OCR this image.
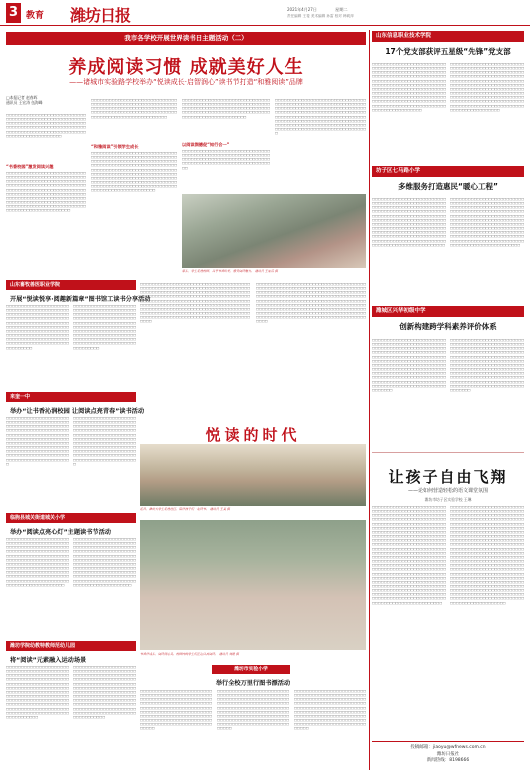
3 教育 潍坊日报	2021年4月27日	星期二
责任编辑 王斐 美术编辑 孙雷 校对 韩莉萍
我市各学校开展世界读书日主题活动（二）
养成阅读习惯 成就美好人生
——诸城市实验路学校举办“悦读成长·启智润心”读书节打造“和雅阅读”品牌
□本报记者 赵春晖
通讯员 王宏涛 伍海峰
□□□□□□□□□□□□□□□□□□□□□□□□□□□□□□□□□□□□□□□□□□□□□□□□□□□□□□□□□□□□□□□□□□□□□□□□□□□□□□□□□□□□□□□□□□□□□□□□□□□□□□□□□□□□□□□□□□□□□□□□□□□□□□□□□□□□□□□□□□□□□□□□□□□□□□□□□□
“书香校园”激发阅读兴趣
□□□□□□□□□□□□□□□□□□□□□□□□□□□□□□□□□□□□□□□□□□□□□□□□□□□□□□□□□□□□□□□□□□□□□□□□□□□□□□□□□□□□□□□□□□□□□□□□□□□□□□□□□□□□□□□□□□□□□□□□□□□□□□□□□□□□□□□□□□□□□□□□□□□□□□□□□□□□□□□□□□□□□□□□□□□□□□□□□□□□□□□□□□□□□□□□□□□□□□□□□□□□□□□□□□□□□□□□□□□□□□□□□□□□□□□□□□□□□□□□□□□□□□□□□□□□□□□□□□□□□□□□□
□□□□□□□□□□□□□□□□□□□□□□□□□□□□□□□□□□□□□□□□□□□□□□□□□□□□□□□□□□□□□□□□□□□□□□□□□□□□□□□□□□□□□□□□□□□□□□□□□□□□□□□□□□□□□□□□□□□□□□□□□□□□□□□□□□□□□□□□□□□□□□
“和雅阅读”引领学生成长
□□□□□□□□□□□□□□□□□□□□□□□□□□□□□□□□□□□□□□□□□□□□□□□□□□□□□□□□□□□□□□□□□□□□□□□□□□□□□□□□□□□□□□□□□□□□□□□□□□□□□□□□□□□□□□□□□□□□□□□□□□□□□□□□□□□□□□□□□□□□□□□□□□□□□□□□□□□□□□□□□□□□□□□□□□□□□□□□□□□□□□□□□□□□□□□□□□□□□□□□□□□□□□□□□□□□□□□□□□□□□□□□□□□□□□□□□□□□□□□□□□□□□□□□□□□□□□□□□□□□□□□□□□□□□□□□□□□□□□□□□□□
□□□□□□□□□□□□□□□□□□□□□□□□□□□□□□□□□□□□□□□□□□□□□□□□□□□□□□□□□□□□□□□□□□□□□□□□□□□□□□□□□□□□□□□□□□□□□□□□□□□□□□□□□□□□□□□□□□□□□□□□□□□□□□□□□□□□□□□□□□□□□□
以阅读润德促“知行合一”
□□□□□□□□□□□□□□□□□□□□□□□□□□□□□□□□□□□□□□□□□□□□□□□□□□□□□□□□□□□□□□□□□□□□□□□□□□□□□□□□□□□□□□□□□□□□□□□□□□□□□□□□□□□□□□□□□□□□□□□□□□
□□□□□□□□□□□□□□□□□□□□□□□□□□□□□□□□□□□□□□□□□□□□□□□□□□□□□□□□□□□□□□□□□□□□□□□□□□□□□□□□□□□□□□□□□□□□□□□□□□□□□□□□□□□□□□□□□□□□□□□□□□□□□□□□□□□□□□□□□□□□□□□□□□□□□□□□□□□□□□□□□□□□□□□□□□□□□□□□□□□□□□□□□□□□□□□□□□□□□□□□□□□□□□□□□□□□□□□□□□□□□□□□□□□□□□□□□□□□□□□□□□□□□□□□□
家长、学生走进校园，共享书香时光，感受阅读魅力。 通讯员 王宏涛 摄
山东畜牧兽医职业学院
开展“悦读悦享·阅趣新篇章”图书馆工读书分享活动
□□□□□□□□□□□□□□□□□□□□□□□□□□□□□□□□□□□□□□□□□□□□□□□□□□□□□□□□□□□□□□□□□□□□□□□□□□□□□□□□□□□□□□□□□□□□□□□□□□□□□□□□□□□□□□□□□□□□□□□□□□□□□□□□□□□□□□□□□□□□□□□□□□□□□□□□□□□□□□□□□□□□□□□□□□□□□□□□□□□□□□□□□□□□□□□□□□□□□□□□□□□□□□□□□□□□□□□□□□□
□□□□□□□□□□□□□□□□□□□□□□□□□□□□□□□□□□□□□□□□□□□□□□□□□□□□□□□□□□□□□□□□□□□□□□□□□□□□□□□□□□□□□□□□□□□□□□□□□□□□□□□□□□□□□□□□□□□□□□□□□□□□□□□□□□□□□□□□□□□□□□□□□□□□□□□□□□□□□□□□□□□□□□□□□□□□□□□□□□□□□□□□□□□□□□□□□□□□□□□□□□□□□□□□□□□□□□□□□□□
来奎一中
举办“让书香沁润校园 让阅读点亮青春”读书活动
□□□□□□□□□□□□□□□□□□□□□□□□□□□□□□□□□□□□□□□□□□□□□□□□□□□□□□□□□□□□□□□□□□□□□□□□□□□□□□□□□□□□□□□□□□□□□□□□□□□□□□□□□□□□□□□□□□□□□□□□□□□□□□□□□□□□□□□□□□□□□□□□□□□□□□□□□□□□□□□□□□□□□□□□□□□□□□□□□□□□□□□□□□□□□□□□□□□□□□□□□□□□□□□□□□□□□□□□□□□□□□□□□□□□□□□□
□□□□□□□□□□□□□□□□□□□□□□□□□□□□□□□□□□□□□□□□□□□□□□□□□□□□□□□□□□□□□□□□□□□□□□□□□□□□□□□□□□□□□□□□□□□□□□□□□□□□□□□□□□□□□□□□□□□□□□□□□□□□□□□□□□□□□□□□□□□□□□□□□□□□□□□□□□□□□□□□□□□□□□□□□□□□□□□□□□□□□□□□□□□□□□□□□□□□□□□□□□□□□□□□□□□□□□□□□□□□□□□□□□□□□□□□
临朐县城关街道城关小学
举办“阅读点亮心灯”主题读书节活动
□□□□□□□□□□□□□□□□□□□□□□□□□□□□□□□□□□□□□□□□□□□□□□□□□□□□□□□□□□□□□□□□□□□□□□□□□□□□□□□□□□□□□□□□□□□□□□□□□□□□□□□□□□□□□□□□□□□□□□□□□□□□□□□□□□□□□□□□□□□□□□□□□□□□□□□□□□□□□□□□□□□□□□□□□□□□□□□□□□□□□□□□□□□□□□□□□□□□□□□□□□□□□□□□□□□□□□□□□□□□□□□□□□□□□□□□□□□□□□□□□□□□□□□□□□□
□□□□□□□□□□□□□□□□□□□□□□□□□□□□□□□□□□□□□□□□□□□□□□□□□□□□□□□□□□□□□□□□□□□□□□□□□□□□□□□□□□□□□□□□□□□□□□□□□□□□□□□□□□□□□□□□□□□□□□□□□□□□□□□□□□□□□□□□□□□□□□□□□□□□□□□□□□□□□□□□□□□□□□□□□□□□□□□□□□□□□□□□□□□□□□□□□□□□□□□□□□□□□□□□□□□□□□□□□□□□□□□□□□□□□□□□□□□□□□□□□□□□□□□□□□□
潍坊学院幼教特教师范幼儿园
将“阅读”元素融入运动场景
□□□□□□□□□□□□□□□□□□□□□□□□□□□□□□□□□□□□□□□□□□□□□□□□□□□□□□□□□□□□□□□□□□□□□□□□□□□□□□□□□□□□□□□□□□□□□□□□□□□□□□□□□□□□□□□□□□□□□□□□□□□□□□□□□□□□□□□□□□□□□□□□□□□□□□□□□□□□□□□□□□□□□□□□□□□□□□□□□□□□□□□□□□□□□□□□□□□□□□□□□□□□□□□□□□□□□□□□□□□□□□□□□□□□□□□□□□□□□□□□□□□□□□□□□□□□□□□□□□□□□□□
□□□□□□□□□□□□□□□□□□□□□□□□□□□□□□□□□□□□□□□□□□□□□□□□□□□□□□□□□□□□□□□□□□□□□□□□□□□□□□□□□□□□□□□□□□□□□□□□□□□□□□□□□□□□□□□□□□□□□□□□□□□□□□□□□□□□□□□□□□□□□□□□□□□□□□□□□□□□□□□□□□□□□□□□□□□□□□□□□□□□□□□□□□□□□□□□□□□□□□□□□□□□□□□□□□□□□□□□□□□□□□□□□□□□□□□□□□□□□□□□□□□□□□□□□□□□□□□□□□□□□□□
□□□□□□□□□□□□□□□□□□□□□□□□□□□□□□□□□□□□□□□□□□□□□□□□□□□□□□□□□□□□□□□□□□□□□□□□□□□□□□□□□□□□□□□□□□□□□□□□□□□□□□□□□□□□□□□□□□□□□□□□□□□□□□□□□□□□□□□□□□□□□□□□□□□□□□□□□□□□□□□□□□□□□□□□□□□□□□□□□□□□□□□□□□□□□□□□□□□□□□□□□□□□□□□□□□□□□□□□□□□□□□□□□□□□□□□□□□□□□□□□□□□□□□□□□□□□□□□□□□□□□□□□□□□□□□□□□□□□□□□□□□□□□□□□□□□□□□□□□□□□□□□□□□□□□□□□□□□□□□□□□□□□□□□□□□□□□□□□□
□□□□□□□□□□□□□□□□□□□□□□□□□□□□□□□□□□□□□□□□□□□□□□□□□□□□□□□□□□□□□□□□□□□□□□□□□□□□□□□□□□□□□□□□□□□□□□□□□□□□□□□□□□□□□□□□□□□□□□□□□□□□□□□□□□□□□□□□□□□□□□□□□□□□□□□□□□□□□□□□□□□□□□□□□□□□□□□□□□□□□□□□□□□□□□□□□□□□□□□□□□□□□□□□□□□□□□□□□□□□□□□□□□□□□□□□□□□□□□□□□□□□□□□□□□□□□□□□□□□□□□□□□□□□□□□□□□□□□□□□□□□□□□□□□□□□□□□□□□□□□□□□□□□□□□□□□□□□□□□□□□□□□□□□□□□□□□□□□
悦读的时代
近日，潍坊大学生走进社区，陪伴孩子们一起读书。 通讯员 王斐 摄
书香伴成长，阅读润心灵。校园内的学生们正在认真阅读。 通讯员 刘艳 摄
潍坊市实验小学
举行全校万里行图书漂活动
□□□□□□□□□□□□□□□□□□□□□□□□□□□□□□□□□□□□□□□□□□□□□□□□□□□□□□□□□□□□□□□□□□□□□□□□□□□□□□□□□□□□□□□□□□□□□□□□□□□□□□□□□□□□□□□□□□□□□□□□□□□□□□□□□□□□□□□□□□□□□□□□□□□□□□□□□□□□□□□□□□□□□□□□□□□□□□□□□□□□□□□□□□□□□□□□□□□□□□□□□□□□□□□□□□□□□□□□□□□□□
□□□□□□□□□□□□□□□□□□□□□□□□□□□□□□□□□□□□□□□□□□□□□□□□□□□□□□□□□□□□□□□□□□□□□□□□□□□□□□□□□□□□□□□□□□□□□□□□□□□□□□□□□□□□□□□□□□□□□□□□□□□□□□□□□□□□□□□□□□□□□□□□□□□□□□□□□□□□□□□□□□□□□□□□□□□□□□□□□□□□□□□□□□□□□□□□□□□□□□□□□□□□□□□□□□□□□□□□□□□□□
□□□□□□□□□□□□□□□□□□□□□□□□□□□□□□□□□□□□□□□□□□□□□□□□□□□□□□□□□□□□□□□□□□□□□□□□□□□□□□□□□□□□□□□□□□□□□□□□□□□□□□□□□□□□□□□□□□□□□□□□□□□□□□□□□□□□□□□□□□□□□□□□□□□□□□□□□□□□□□□□□□□□□□□□□□□□□□□□□□□□□□□□□□□□□□□□□□□□□□□□□□□□□□□□□□□□□□□□□□□□□
山东信息职业技术学院
17个党支部获评五星级“先锋”党支部
□□□□□□□□□□□□□□□□□□□□□□□□□□□□□□□□□□□□□□□□□□□□□□□□□□□□□□□□□□□□□□□□□□□□□□□□□□□□□□□□□□□□□□□□□□□□□□□□□□□□□□□□□□□□□□□□□□□□□□□□□□□□□□□□□□□□□□□□□□□□□□□□□□□□□□□□□□□□□□□□□□□□□□□□□□□□□□□□□□□□□□□□□□□□□□□□□□□□□□□□□□□□□□□□□□□□□□□□□□□□□□□□□□□□□□□□□□□□□□□□□□□□□□□□□□□□□□□□□□□□□□□□□□□□□□□□□□□□□□□□□□□□□□□□□□□□
□□□□□□□□□□□□□□□□□□□□□□□□□□□□□□□□□□□□□□□□□□□□□□□□□□□□□□□□□□□□□□□□□□□□□□□□□□□□□□□□□□□□□□□□□□□□□□□□□□□□□□□□□□□□□□□□□□□□□□□□□□□□□□□□□□□□□□□□□□□□□□□□□□□□□□□□□□□□□□□□□□□□□□□□□□□□□□□□□□□□□□□□□□□□□□□□□□□□□□□□□□□□□□□□□□□□□□□□□□□□□□□□□□□□□□□□□□□□□□□□□□□□□□□□□□□□□□□□□□□□□□□□□□□□□□□□□□□□□□□□□□□□□□□□□□□□
坊子区七马路小学
多维服务打造惠民“暖心工程”
□□□□□□□□□□□□□□□□□□□□□□□□□□□□□□□□□□□□□□□□□□□□□□□□□□□□□□□□□□□□□□□□□□□□□□□□□□□□□□□□□□□□□□□□□□□□□□□□□□□□□□□□□□□□□□□□□□□□□□□□□□□□□□□□□□□□□□□□□□□□□□□□□□□□□□□□□□□□□□□□□□□□□□□□□□□□□□□□□□□□□□□□□□□□□□□□□□□□□□□□□□□□□□□□□□□□□□□□□□□□□□□□□□□□□□□□□□□□□□□□□□□□□□□□□□□□□□□□□□□□□□□□□□□□□□□□□□□□□□□□□□□□□□□□□□□□□□□□□□□□
□□□□□□□□□□□□□□□□□□□□□□□□□□□□□□□□□□□□□□□□□□□□□□□□□□□□□□□□□□□□□□□□□□□□□□□□□□□□□□□□□□□□□□□□□□□□□□□□□□□□□□□□□□□□□□□□□□□□□□□□□□□□□□□□□□□□□□□□□□□□□□□□□□□□□□□□□□□□□□□□□□□□□□□□□□□□□□□□□□□□□□□□□□□□□□□□□□□□□□□□□□□□□□□□□□□□□□□□□□□□□□□□□□□□□□□□□□□□□□□□□□□□□□□□□□□□□□□□□□□□□□□□□□□□□□□□□□□□□□□□□□□□□□□□□□□□□□□□□□□
潍城区兴华初级中学
创新构建跨学科素养评价体系
□□□□□□□□□□□□□□□□□□□□□□□□□□□□□□□□□□□□□□□□□□□□□□□□□□□□□□□□□□□□□□□□□□□□□□□□□□□□□□□□□□□□□□□□□□□□□□□□□□□□□□□□□□□□□□□□□□□□□□□□□□□□□□□□□□□□□□□□□□□□□□□□□□□□□□□□□□□□□□□□□□□□□□□□□□□□□□□□□□□□□□□□□□□□□□□□□□□□□□□□□□□□□□□□□□□□□□□□□□□□□□□□□□□□□□□□□□□□□□□□□□□□□□□□□□□□□□□□□□□□□□□□□□□□□□□□□□□□□□□□□□□□□□□□□□□□□□□□□□□□□□□□□□□
□□□□□□□□□□□□□□□□□□□□□□□□□□□□□□□□□□□□□□□□□□□□□□□□□□□□□□□□□□□□□□□□□□□□□□□□□□□□□□□□□□□□□□□□□□□□□□□□□□□□□□□□□□□□□□□□□□□□□□□□□□□□□□□□□□□□□□□□□□□□□□□□□□□□□□□□□□□□□□□□□□□□□□□□□□□□□□□□□□□□□□□□□□□□□□□□□□□□□□□□□□□□□□□□□□□□□□□□□□□□□□□□□□□□□□□□□□□□□□□□□□□□□□□□□□□□□□□□□□□□□□□□□□□□□□□□□□□□□□□□□□□□□□□□□□□□□□□□□□□□□□□□□□□
让孩子自由飞翔
——论如何营造轻松的语文课堂氛围
潍坊市坊子区实验学校 王琳
□□□□□□□□□□□□□□□□□□□□□□□□□□□□□□□□□□□□□□□□□□□□□□□□□□□□□□□□□□□□□□□□□□□□□□□□□□□□□□□□□□□□□□□□□□□□□□□□□□□□□□□□□□□□□□□□□□□□□□□□□□□□□□□□□□□□□□□□□□□□□□□□□□□□□□□□□□□□□□□□□□□□□□□□□□□□□□□□□□□□□□□□□□□□□□□□□□□□□□□□□□□□□□□□□□□□□□□□□□□□□□□□□□□□□□□□□□□□□□□□□□□□□□□□□□□□□□□□□□□□□□□□□□□□□□□□□□□□□□□□□□□□□□□□□□□□□□□□□□□□□□□□□□□□□□□□□□□□□□□□□□□□□□□□□□□□□□□□□□□□□□□□□□□□□□□□□□□□□□□□□□□□□□□□□□□□□□□□□□□□□□□□□□□□□□□□□□□□□□□□□□□□□□□□□□□□□□□□□□□□□□□□□□□□□□□□□□□□□□□□□□□□□□□□□□□□□□□□□□□□□□□□□□□□□□□□□□□□□□□□□□□□□□□□□□□□□□□□□□□□□□□□□□□□□□□□□□□□□□□□□□□□□□□□□□□□□□□□□□□□□□□□□□□□□□□□□□□□□□□□□□□□□□□□□□□□□□□□□□□□□□□□□□□□□□□□□□□□□□□
□□□□□□□□□□□□□□□□□□□□□□□□□□□□□□□□□□□□□□□□□□□□□□□□□□□□□□□□□□□□□□□□□□□□□□□□□□□□□□□□□□□□□□□□□□□□□□□□□□□□□□□□□□□□□□□□□□□□□□□□□□□□□□□□□□□□□□□□□□□□□□□□□□□□□□□□□□□□□□□□□□□□□□□□□□□□□□□□□□□□□□□□□□□□□□□□□□□□□□□□□□□□□□□□□□□□□□□□□□□□□□□□□□□□□□□□□□□□□□□□□□□□□□□□□□□□□□□□□□□□□□□□□□□□□□□□□□□□□□□□□□□□□□□□□□□□□□□□□□□□□□□□□□□□□□□□□□□□□□□□□□□□□□□□□□□□□□□□□□□□□□□□□□□□□□□□□□□□□□□□□□□□□□□□□□□□□□□□□□□□□□□□□□□□□□□□□□□□□□□□□□□□□□□□□□□□□□□□□□□□□□□□□□□□□□□□□□□□□□□□□□□□□□□□□□□□□□□□□□□□□□□□□□□□□□□□□□□□□□□□□□□□□□□□□□□□□□□□□□□□□□□□□□□□□□□□□□□□□□□□□□□□□□□□□□□□□□□□□□□□□□□□□□□□□□□□□□□□□□□□□□□□□□□□□□□□□□□□□□□□□□□□□□□□□□□□□□
投稿邮箱：jiaoyu@wfnews.com.cn
潍坊日报社
新闻热线：8198666
